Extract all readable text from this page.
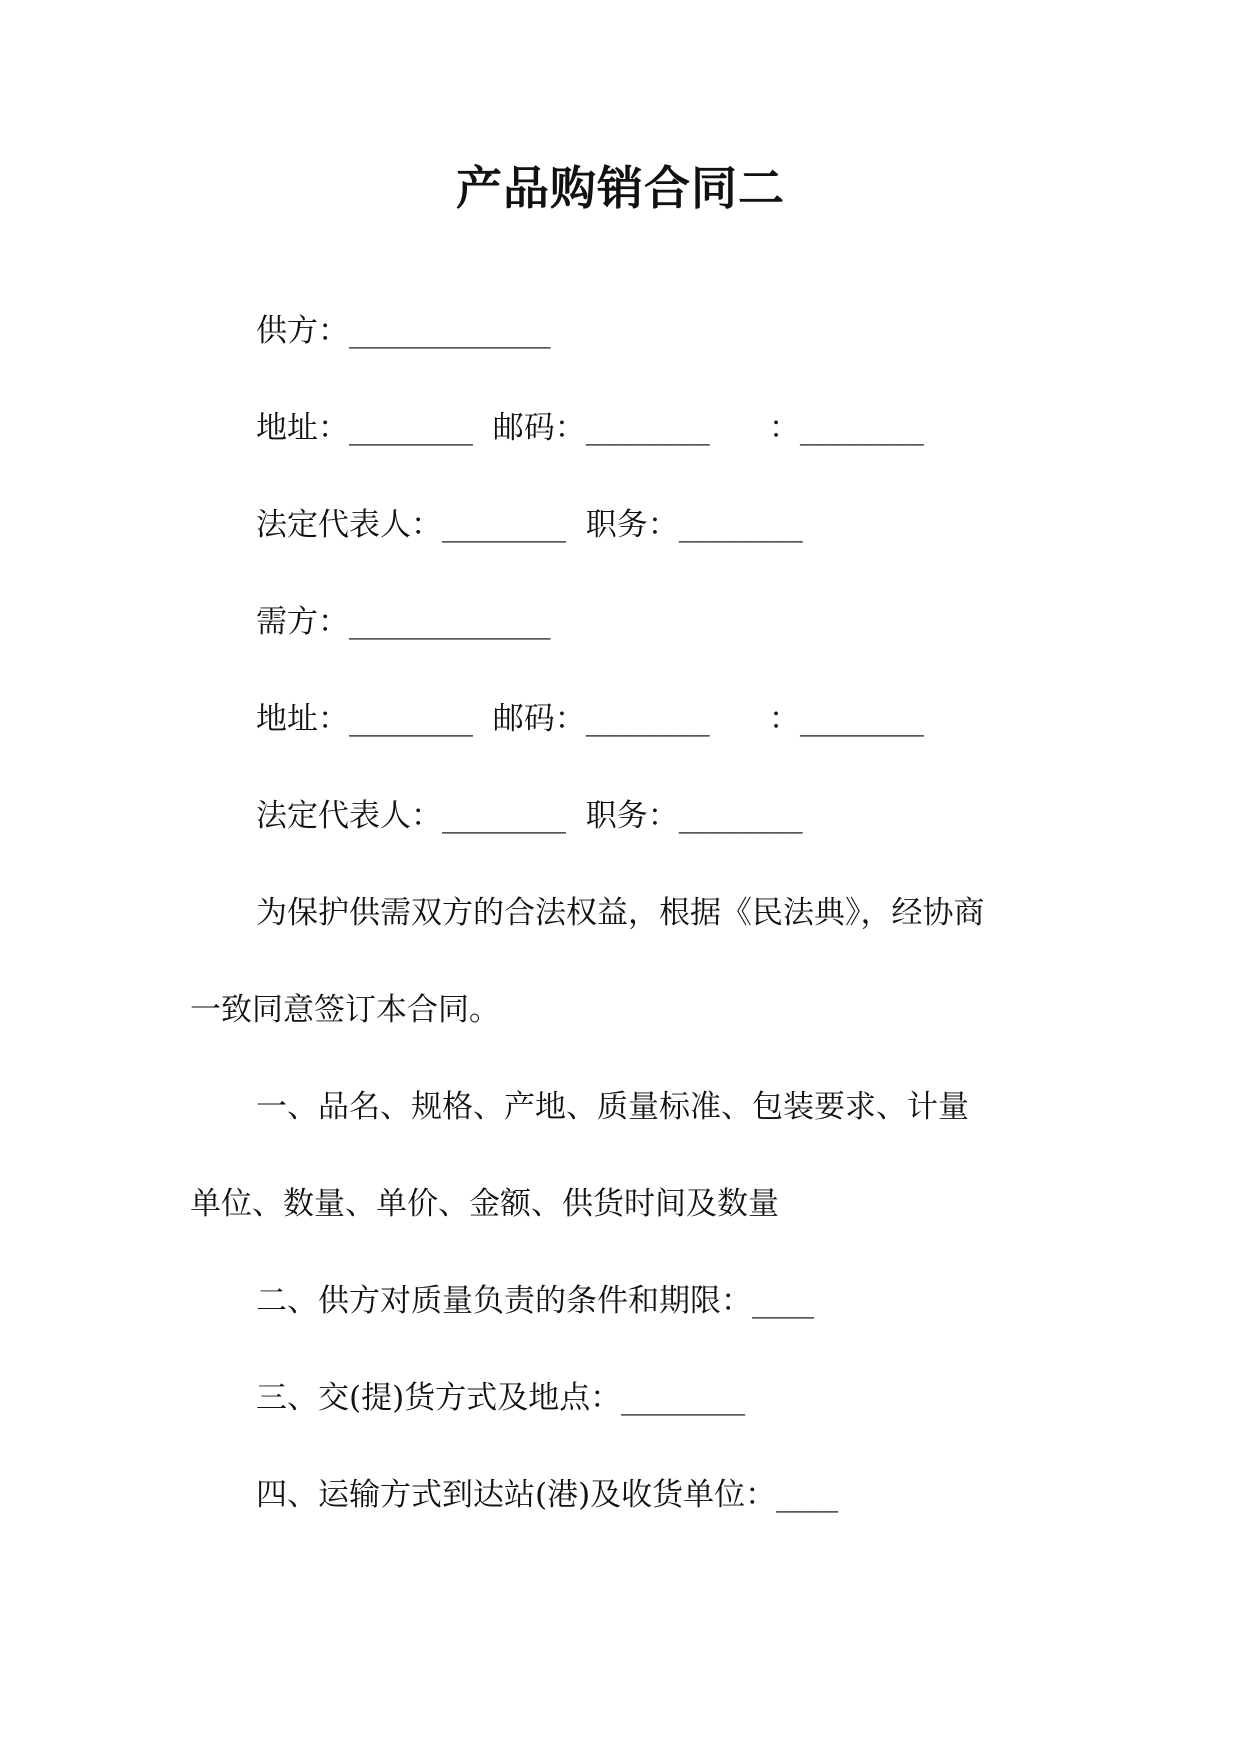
产品购销合同二
供方：_____________
地址：________  邮码：________      ：________
法定代表人：________  职务：________
需方：_____________
地址：________  邮码：________      ：________
法定代表人：________  职务：________
为保护供需双方的合法权益，根据《民法典》，经协商
一致同意签订本合同。
一、品名、规格、产地、质量标准、包装要求、计量
单位、数量、单价、金额、供货时间及数量
二、供方对质量负责的条件和期限：____
三、交(提)货方式及地点：________
四、运输方式到达站(港)及收货单位：____
